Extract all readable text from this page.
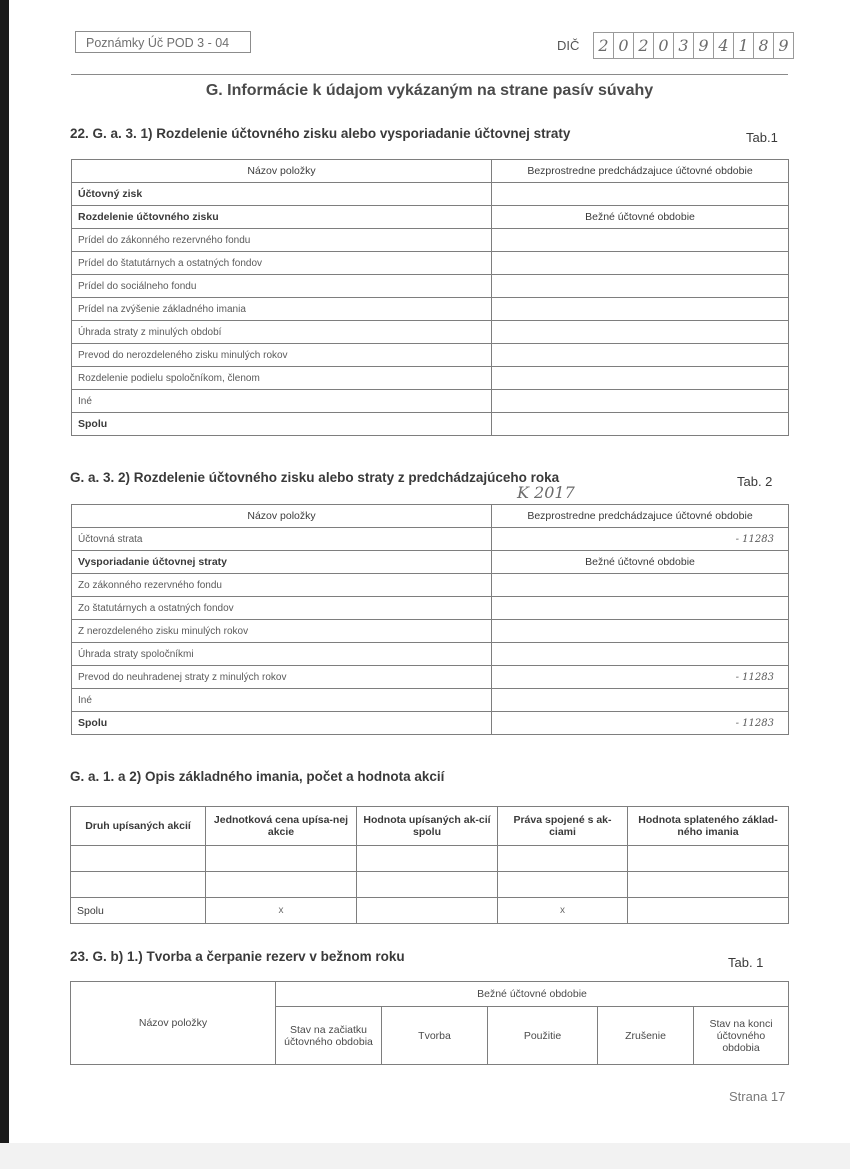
Poznámky Úč POD 3 - 04	DIČ 2 0 2 0 3 9 4 1 8 9
G. Informácie k údajom vykázaným na strane pasív súvahy
22. G. a. 3. 1) Rozdelenie účtovného zisku alebo vysporiadanie účtovnej straty	Tab.1
Názov položky	Bezprostredne predchádzajuce účtovné obdobie
Účtovný zisk	
Rozdelenie účtovného zisku	Bežné účtovné obdobie
Prídel do zákonného rezervného fondu	
Prídel do štatutárnych a ostatných fondov	
Prídel do sociálneho fondu	
Prídel na zvýšenie základného imania	
Úhrada straty z minulých období	
Prevod do nerozdeleného zisku minulých rokov	
Rozdelenie podielu spoločníkom, členom	
Iné	
Spolu	
G. a. 3. 2) Rozdelenie účtovného zisku alebo straty z predchádzajúceho roka	Tab. 2
K 2017
Názov položky	Bezprostredne predchádzajuce účtovné obdobie
Účtovná strata	- 11283
Vysporiadanie účtovnej straty	Bežné účtovné obdobie
Zo zákonného rezervného fondu	
Zo štatutárnych a ostatných fondov	
Z nerozdeleného zisku minulých rokov	
Úhrada straty spoločníkmi	
Prevod do neuhradenej straty z minulých rokov	- 11283
Iné	
Spolu	- 11283
G. a. 1. a 2) Opis základného imania, počet a hodnota akcií
Druh upísaných akcií	Jednotková cena upísa-nej akcie	Hodnota upísaných ak-cií spolu	Práva spojené s ak-ciami	Hodnota splateného základ-ného imania

Spolu	x		x	
23. G. b) 1.) Tvorba a čerpanie rezerv v bežnom roku	Tab. 1
Názov položky	Bežné účtovné obdobie				
	Stav na začiatku účtovného obdobia	Tvorba	Použitie	Zrušenie	Stav na konci účtovného obdobia
Strana 17
